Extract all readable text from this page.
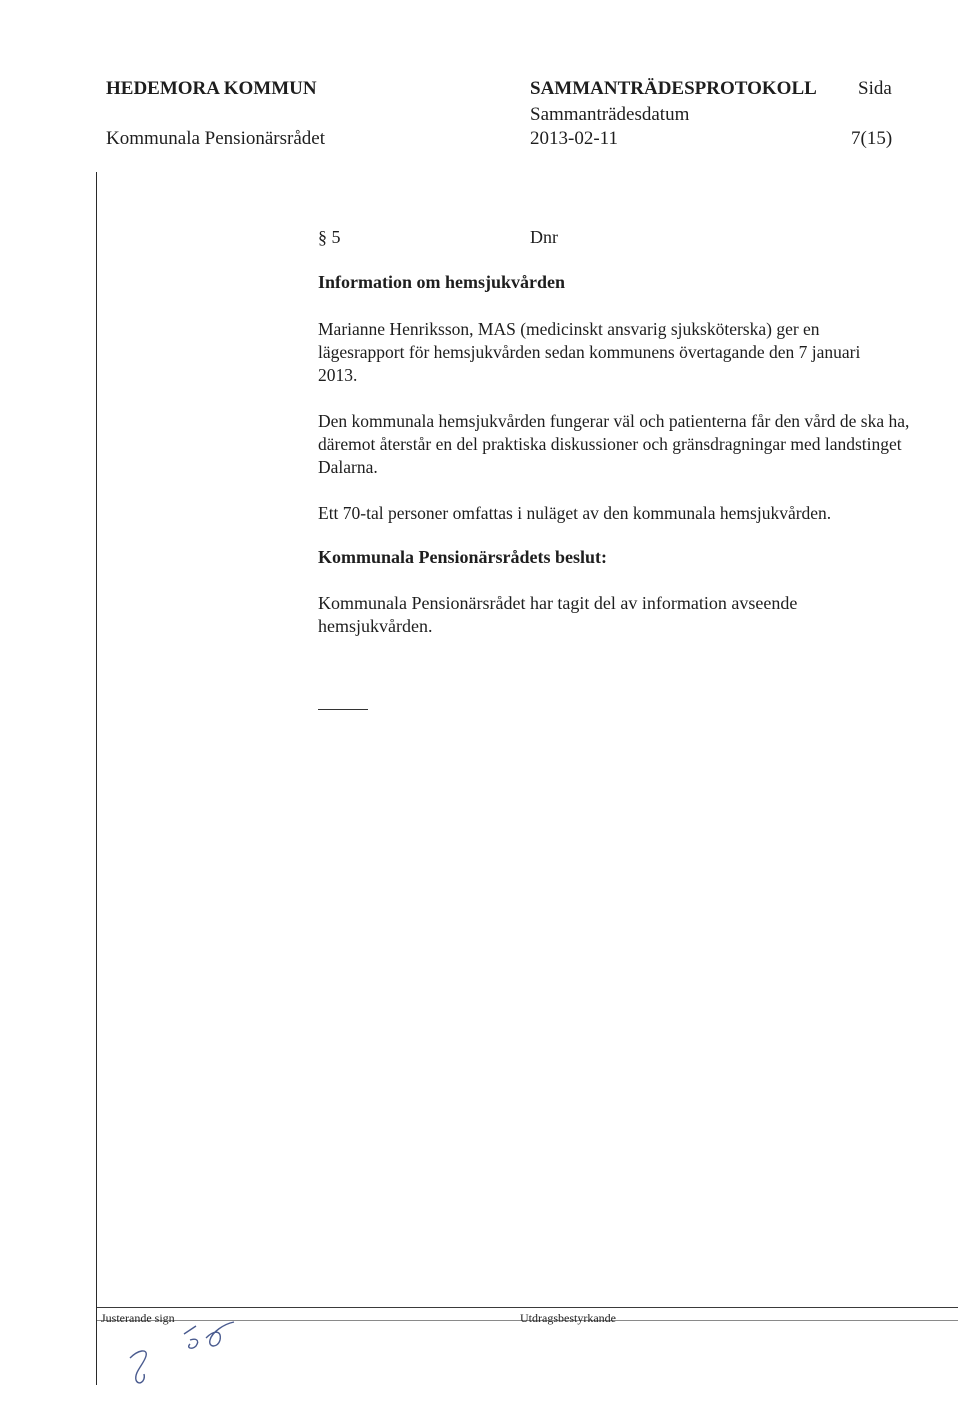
HEDEMORA KOMMUN
Kommunala Pensionärsrådet
SAMMANTRÄDESPROTOKOLL
Sammanträdesdatum
2013-02-11
Sida
7(15)
§ 5	Dnr
Information om hemsjukvården
Marianne Henriksson, MAS (medicinskt ansvarig sjuksköterska) ger en lägesrapport för hemsjukvården sedan kommunens övertagande den 7 januari 2013.
Den kommunala hemsjukvården fungerar väl och patienterna får den vård de ska ha, däremot återstår en del praktiska diskussioner och gränsdragningar med landstinget Dalarna.
Ett 70-tal personer omfattas i nuläget av den kommunala hemsjukvården.
Kommunala Pensionärsrådets beslut:
Kommunala Pensionärsrådet har tagit del av information avseende hemsjukvården.
Justerande sign	Utdragsbestyrkande
